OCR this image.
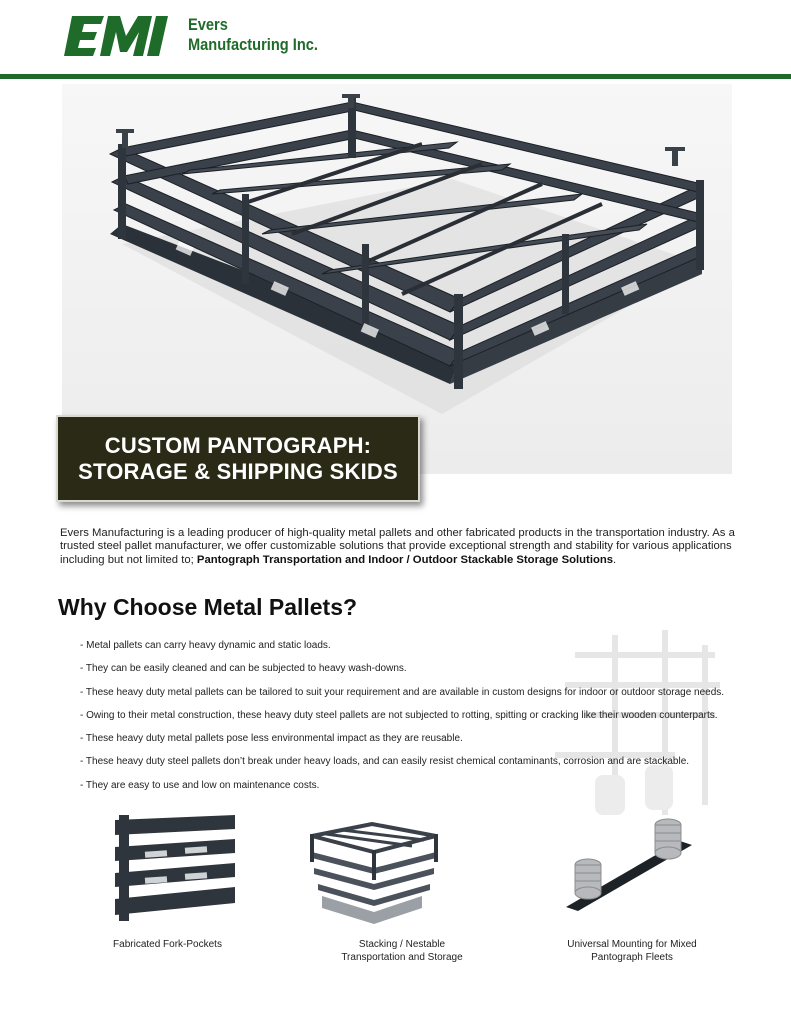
Evers
Manufacturing Inc.
CUSTOM PANTOGRAPH:
STORAGE & SHIPPING SKIDS
Evers Manufacturing is a leading producer of high-quality metal pallets and other fabricated products in the transportation industry. As a trusted steel pallet manufacturer, we offer customizable solutions that provide exceptional strength and stability for various applications including but not limited to; Pantograph Transportation and Indoor / Outdoor Stackable Storage Solutions.
Why Choose Metal Pallets?
- Metal pallets can carry heavy dynamic and static loads.
- They can be easily cleaned and can be subjected to heavy wash-downs.
- These heavy duty metal pallets can be tailored to suit your requirement and are available in custom designs for indoor or outdoor storage needs.
- Owing to their metal construction, these heavy duty steel pallets are not subjected to rotting, spitting or cracking like their wooden counterparts.
- These heavy duty metal pallets pose less environmental impact as they are reusable.
- These heavy duty steel pallets don’t break under heavy loads, and can easily resist chemical contaminants, corrosion and are stackable.
- They are easy to use and low on maintenance costs.
Fabricated Fork-Pockets	Stacking / Nestable
Transportation and Storage
Universal Mounting for Mixed
Pantograph Fleets
